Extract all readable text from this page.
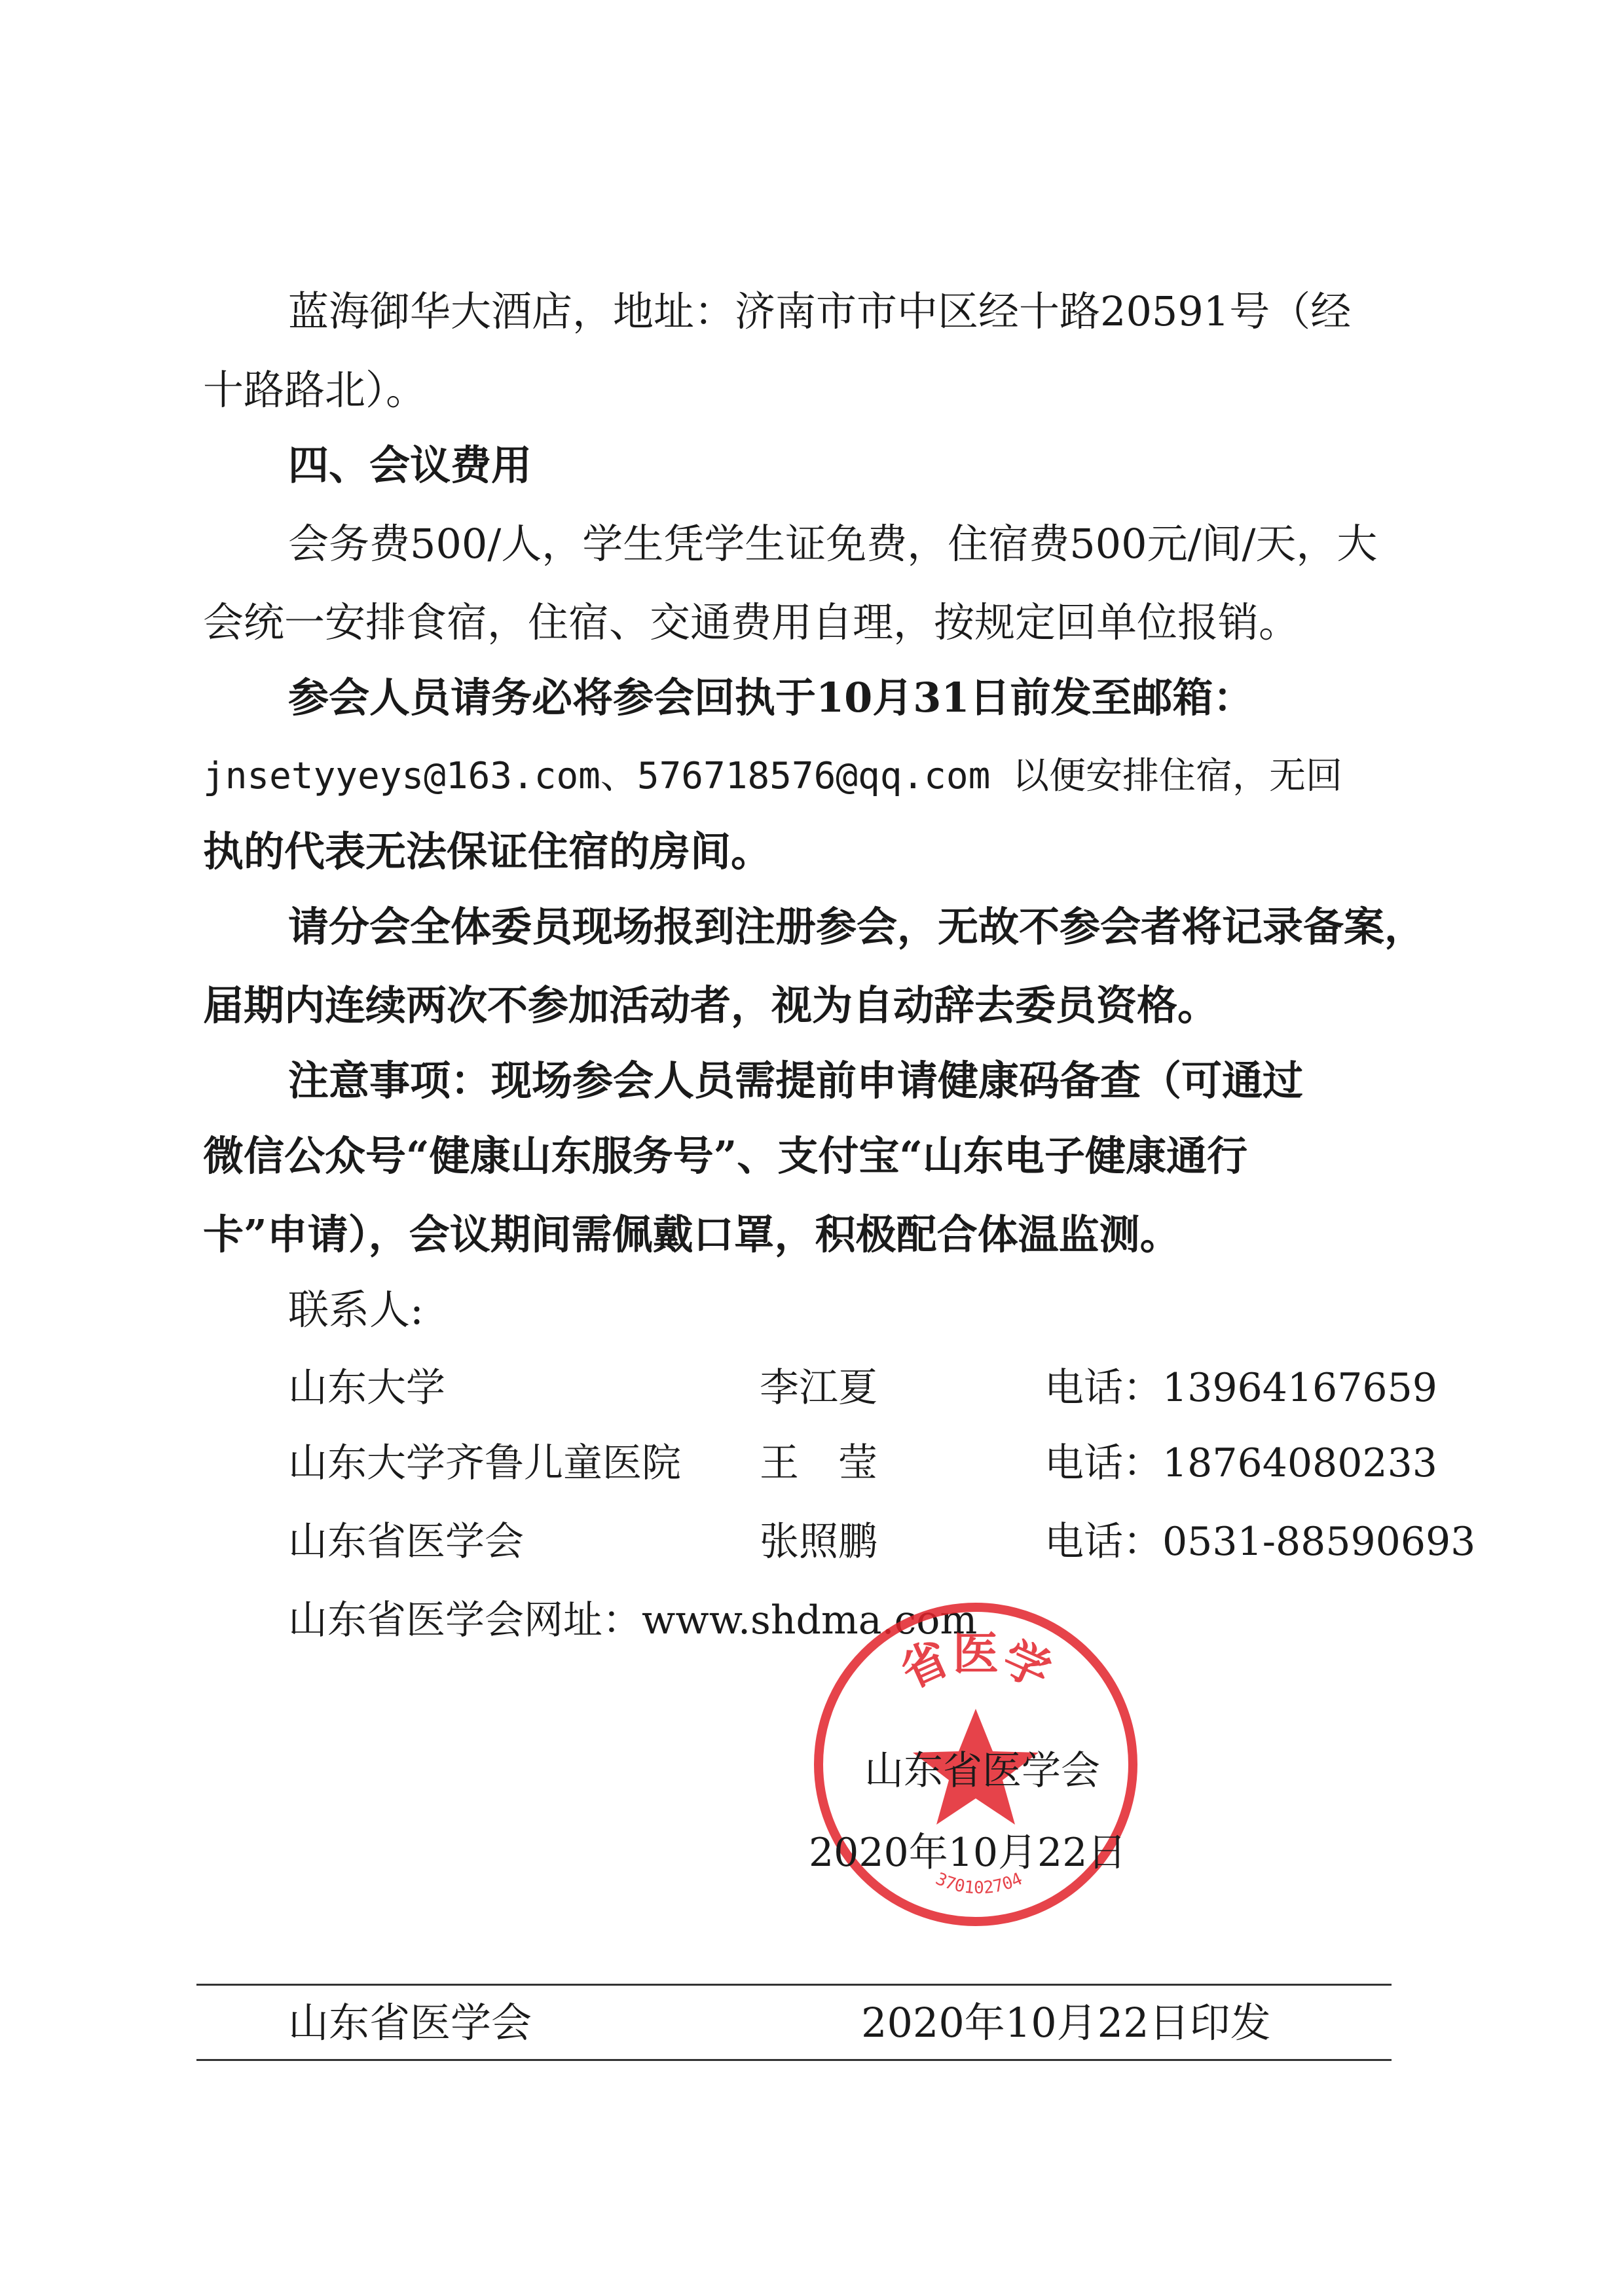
蓝海御华大酒店，地址：济南市市中区经十路20591号（经
十路路北）。
四、会议费用
会务费500/人，学生凭学生证免费，住宿费500元/间/天，大
会统一安排食宿，住宿、交通费用自理，按规定回单位报销。
参会人员请务必将参会回执于10月31日前发至邮箱：
jnsetyyeys@163.com、576718576@qq.com 以便安排住宿，无回
执的代表无法保证住宿的房间。
请分会全体委员现场报到注册参会，无故不参会者将记录备案，
届期内连续两次不参加活动者，视为自动辞去委员资格。
注意事项：现场参会人员需提前申请健康码备查（可通过
微信公众号“健康山东服务号”、支付宝“山东电子健康通行
卡”申请），会议期间需佩戴口罩，积极配合体温监测。
联系人:
山东大学	李江夏	电话：13964167659
山东大学齐鲁儿童医院 王　莹	电话：18764080233
山东省医学会	张照鹏	电话：0531-88590693
山东省医学会网址：www.shdma.com
省医学
370102704
山东省医学会
2020年10月22日
山东省医学会	2020年10月22日印发
